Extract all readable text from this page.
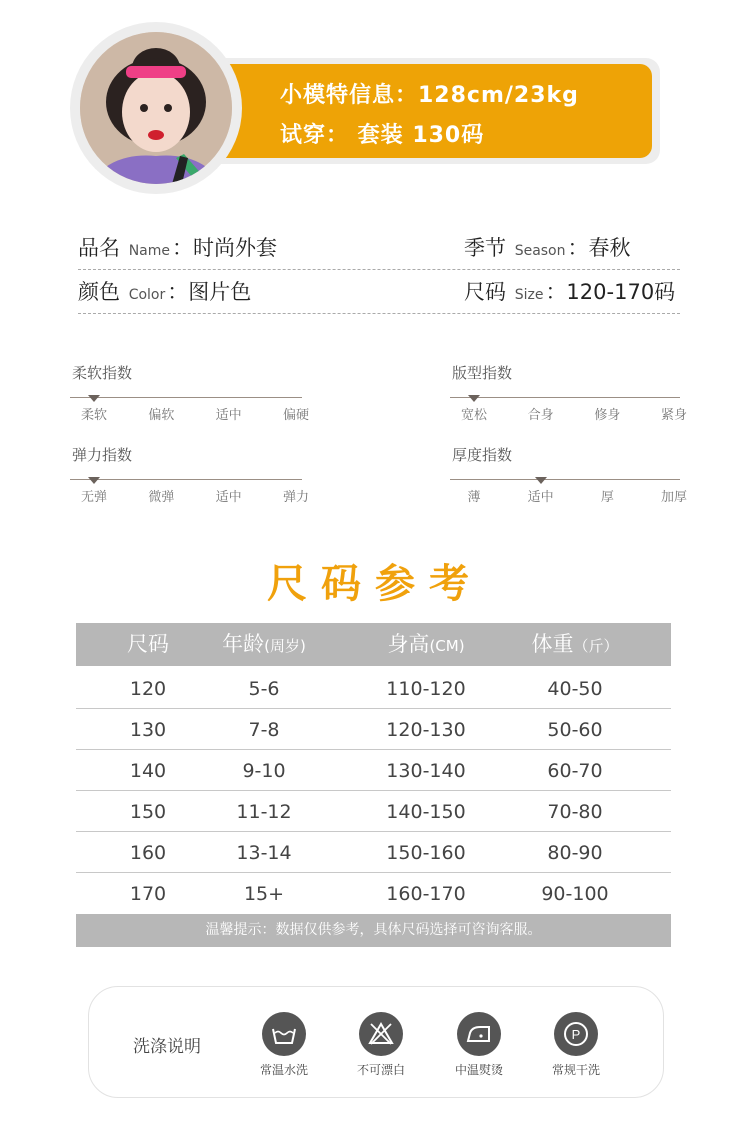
小模特信息：128cm/23kg
试穿： 套装 130码
品名 Name：时尚外套	季节 Season：春秋
颜色 Color：图片色	尺码 Size：120-170码
柔软指数
柔软	偏软	适中	偏硬
版型指数
宽松	合身	修身	紧身
弹力指数
无弹	微弹	适中	弹力
厚度指数
薄	适中	厚	加厚
尺码参考
尺码	年龄(周岁)	身高(CM)	体重（斤）
120	5-6	110-120	40-50
130	7-8	120-130	50-60
140	9-10	130-140	60-70
150	11-12	140-150	70-80
160	13-14	150-160	80-90
170	15+	160-170	90-100
温馨提示：数据仅供参考，具体尺码选择可咨询客服。
洗涤说明
常温水洗	不可漂白	中温熨烫
P
常规干洗
